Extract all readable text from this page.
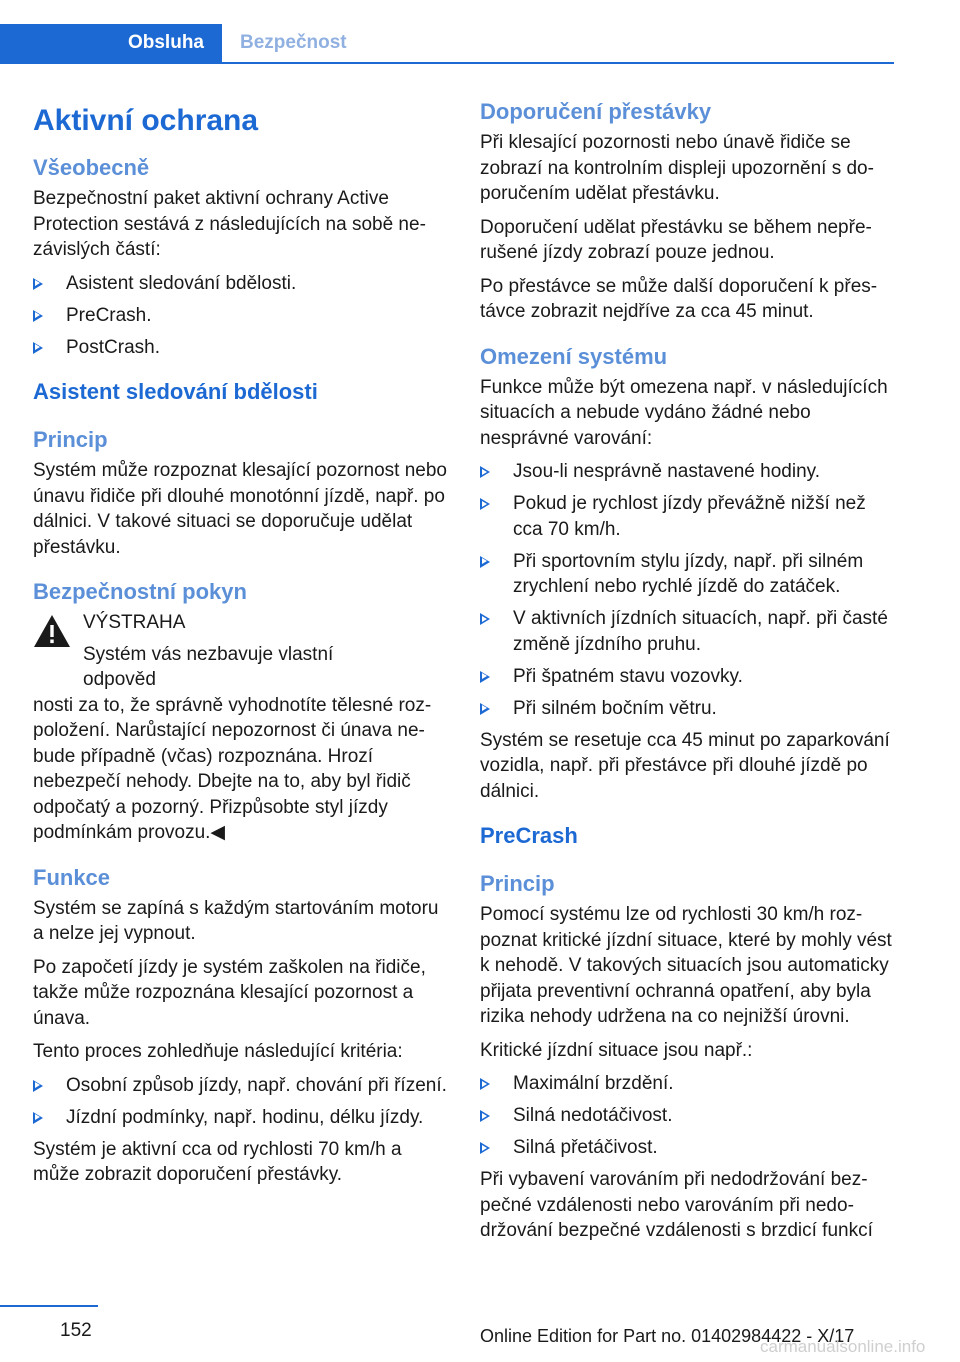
Obsluha	Bezpečnost
Aktivní ochrana
Všeobecně

Bezpečnostní paket aktivní ochrany Active Protection sestává z následujících na sobě nezávislých částí:

Asistent sledování bdělosti.
PreCrash.
PostCrash.
Asistent sledování bdělosti
Princip

Systém může rozpoznat klesající pozornost nebo únavu řidiče při dlouhé monotónní jízdě, např. po dálnici. V takové situaci se doporučuje udělat přestávku.

Bezpečnostní pokyn
VÝSTRAHA

Systém vás nezbavuje vlastní odpovědnosti za to, že správně vyhodnotíte tělesné rozpoložení. Narůstající nepozornost či únava nebude případně (včas) rozpoznána. Hrozí nebezpečí nehody. Dbejte na to, aby byl řidič odpočatý a pozorný. Přizpůsobte styl jízdy podmínkám provozu.◀

Funkce

Systém se zapíná s každým startováním motoru a nelze jej vypnout.

Po započetí jízdy je systém zaškolen na řidiče, takže může rozpoznána klesající pozornost a únava.

Tento proces zohledňuje následující kritéria:

Osobní způsob jízdy, např. chování při řízení.
Jízdní podmínky, např. hodinu, délku jízdy.

Systém je aktivní cca od rychlosti 70 km/h a může zobrazit doporučení přestávky.

Doporučení přestávky

Při klesající pozornosti nebo únavě řidiče se zobrazí na kontrolním displeji upozornění s doporučením udělat přestávku.

Doporučení udělat přestávku se během nepřerušené jízdy zobrazí pouze jednou.

Po přestávce se může další doporučení k přestávce zobrazit nejdříve za cca 45 minut.

Omezení systému

Funkce může být omezena např. v následujících situacích a nebude vydáno žádné nebo nesprávné varování:

Jsou-li nesprávně nastavené hodiny.
Pokud je rychlost jízdy převážně nižší než cca 70 km/h.
Při sportovním stylu jízdy, např. při silném zrychlení nebo rychlé jízdě do zatáček.
V aktivních jízdních situacích, např. při časté změně jízdního pruhu.
Při špatném stavu vozovky.
Při silném bočním větru.

Systém se resetuje cca 45 minut po zaparkování vozidla, např. při přestávce při dlouhé jízdě po dálnici.

PreCrash
Princip

Pomocí systému lze od rychlosti 30 km/h rozpoznat kritické jízdní situace, které by mohly vést k nehodě. V takových situacích jsou automaticky přijata preventivní ochranná opatření, aby byla rizika nehody udržena na co nejnižší úrovni.

Kritické jízdní situace jsou např.:

Maximální brzdění.
Silná nedotáčivost.
Silná přetáčivost.

Při vybavení varováním při nedodržování bezpečné vzdálenosti nebo varováním při nedodržování bezpečné vzdálenosti s brzdicí funkcí

152	Online Edition for Part no. 01402984422 - X/17
carmanualsonline.info
